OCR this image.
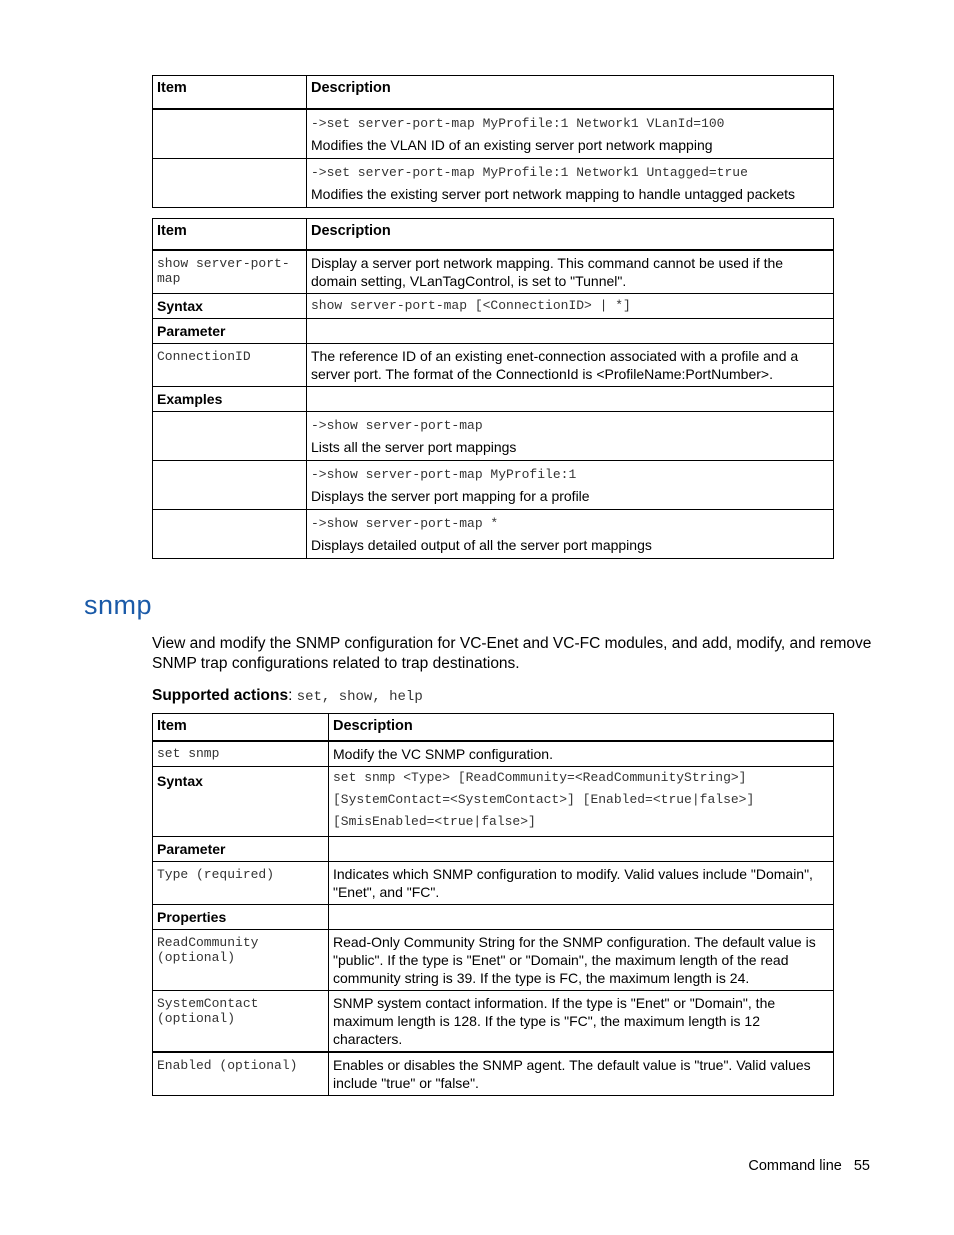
Item	Description

	->set server-port-map MyProfile:1 Network1 VLanId=100
Modifies the VLAN ID of an existing server port network mapping

	->set server-port-map MyProfile:1 Network1 Untagged=true
Modifies the existing server port network mapping to handle untagged packets
Item	Description
show server-port-map	Display a server port network mapping. This command cannot be used if the domain setting, VLanTagControl, is set to "Tunnel".
Syntax	show server-port-map [<ConnectionID> | *]
Parameter	
ConnectionID	The reference ID of an existing enet-connection associated with a profile and a server port. The format of the ConnectionId is <ProfileName:PortNumber>.
Examples	

	->show server-port-map
Lists all the server port mappings

	->show server-port-map MyProfile:1
Displays the server port mapping for a profile

	->show server-port-map *
Displays detailed output of all the server port mappings
snmp

View and modify the SNMP configuration for VC-Enet and VC-FC modules, and add, modify, and remove SNMP trap configurations related to trap destinations.

Supported actions: set, show, help

Item	Description
set snmp	Modify the VC SNMP configuration.
Syntax	set snmp <Type> [ReadCommunity=<ReadCommunityString>]
[SystemContact=<SystemContact>] [Enabled=<true|false>]
[SmisEnabled=<true|false>]

Parameter	
Type (required)	Indicates which SNMP configuration to modify. Valid values include "Domain", "Enet", and "FC".
Properties	
ReadCommunity (optional)	Read-Only Community String for the SNMP configuration. The default value is "public". If the type is "Enet" or "Domain", the maximum length of the read community string is 39. If the type is FC, the maximum length is 24.
SystemContact (optional)	SNMP system contact information. If the type is "Enet" or "Domain", the maximum length is 128. If the type is "FC", the maximum length is 12 characters.
Enabled (optional)	Enables or disables the SNMP agent. The default value is "true". Valid values include "true" or "false".
Command line 55
